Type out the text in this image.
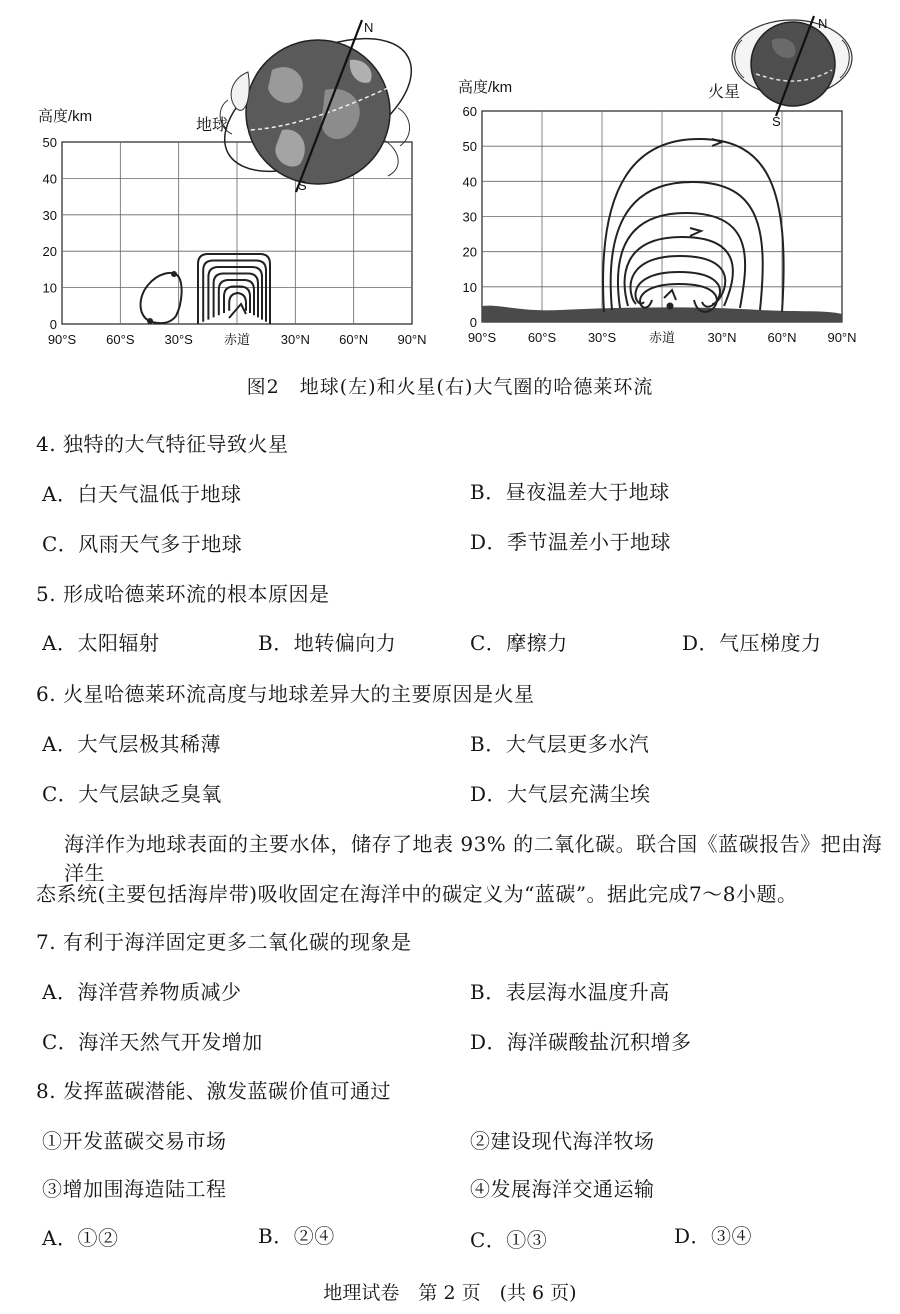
50
40
30
20
10
0
90°S 60°S 30°S 赤道 30°N 60°N 90°N
高度/km	地球
N
S
60
50
40
30
20
10
0
90°S 60°S 30°S	赤道 30°N 60°N 90°N
高度/km	火星
N
S
图2　地球(左)和火星(右)大气圈的哈德莱环流
4. 独特的大气特征导致火星
A．白天气温低于地球	B．昼夜温差大于地球
C．风雨天气多于地球	D．季节温差小于地球
5. 形成哈德莱环流的根本原因是
A．太阳辐射	B．地转偏向力	C．摩擦力	D．气压梯度力
6. 火星哈德莱环流高度与地球差异大的主要原因是火星
A．大气层极其稀薄	B．大气层更多水汽
C．大气层缺乏臭氧	D．大气层充满尘埃
海洋作为地球表面的主要水体，储存了地表 93% 的二氧化碳。联合国《蓝碳报告》把由海洋生
态系统(主要包括海岸带)吸收固定在海洋中的碳定义为“蓝碳”。据此完成7～8小题。
7. 有利于海洋固定更多二氧化碳的现象是
A．海洋营养物质减少	B．表层海水温度升高
C．海洋天然气开发增加	D．海洋碳酸盐沉积增多
8. 发挥蓝碳潜能、激发蓝碳价值可通过
①开发蓝碳交易市场	②建设现代海洋牧场
③增加围海造陆工程	④发展海洋交通运输
A．①②	B．②④	C．①③	D．③④
地理试卷　第 2 页　(共 6 页)
